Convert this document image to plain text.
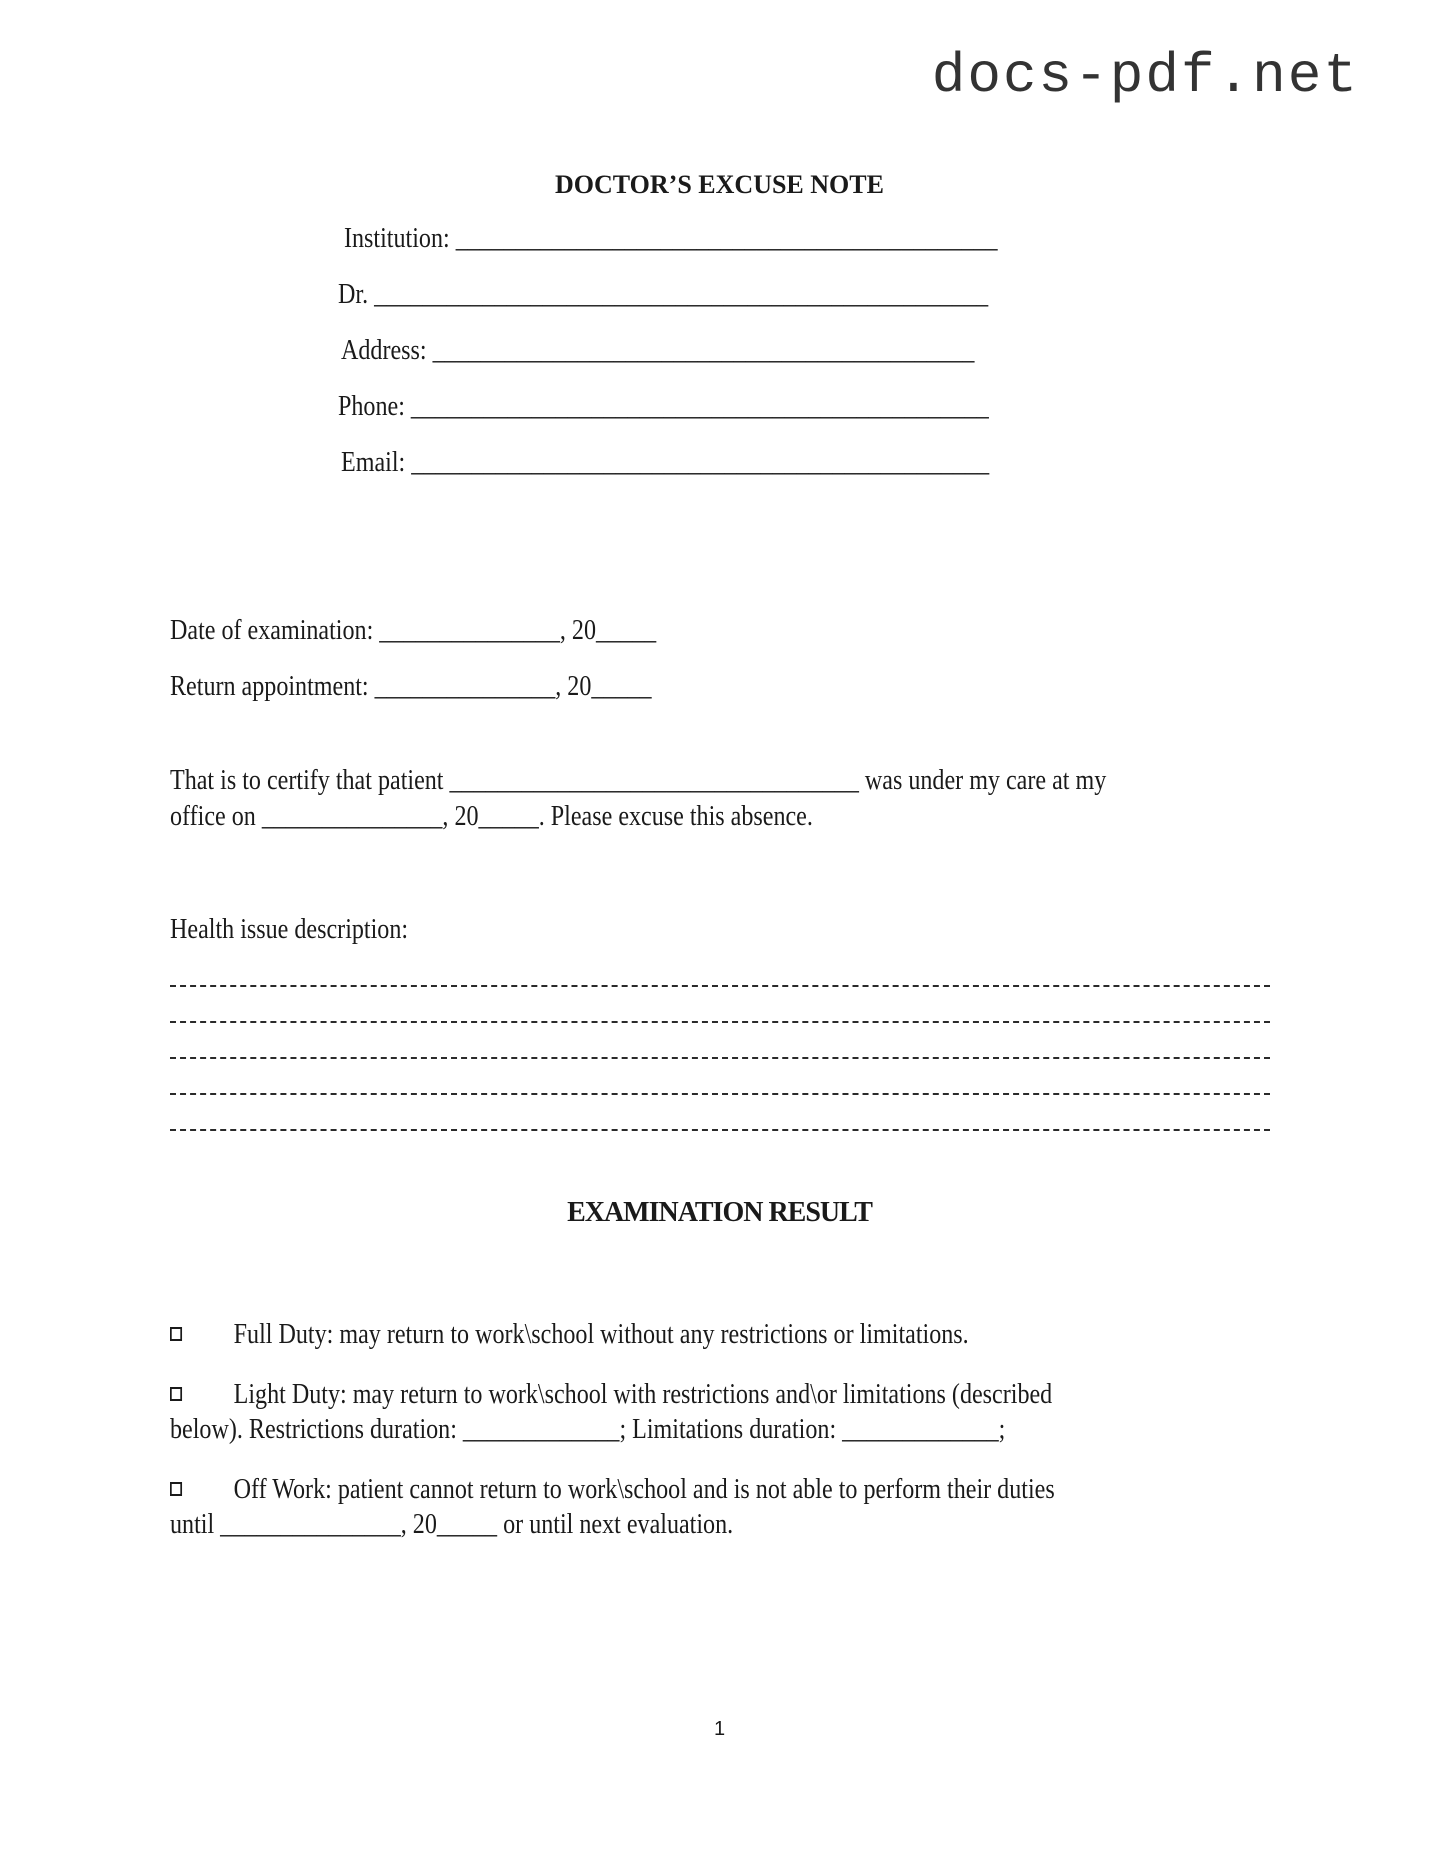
docs-pdf.net
DOCTOR’S EXCUSE NOTE
Institution: _____________________________________________
Dr. ___________________________________________________
Address: _____________________________________________
Phone: ________________________________________________
Email: ________________________________________________
Date of examination: _______________, 20_____
Return appointment: _______________, 20_____
That is to certify that patient __________________________________ was under my care at my
office on _______________, 20_____. Please excuse this absence.
Health issue description:
EXAMINATION RESULT
Full Duty: may return to work\school without any restrictions or limitations.
Light Duty: may return to work\school with restrictions and\or limitations (described
below). Restrictions duration: _____________; Limitations duration: _____________;
Off Work: patient cannot return to work\school and is not able to perform their duties
until _______________, 20_____ or until next evaluation.
1
